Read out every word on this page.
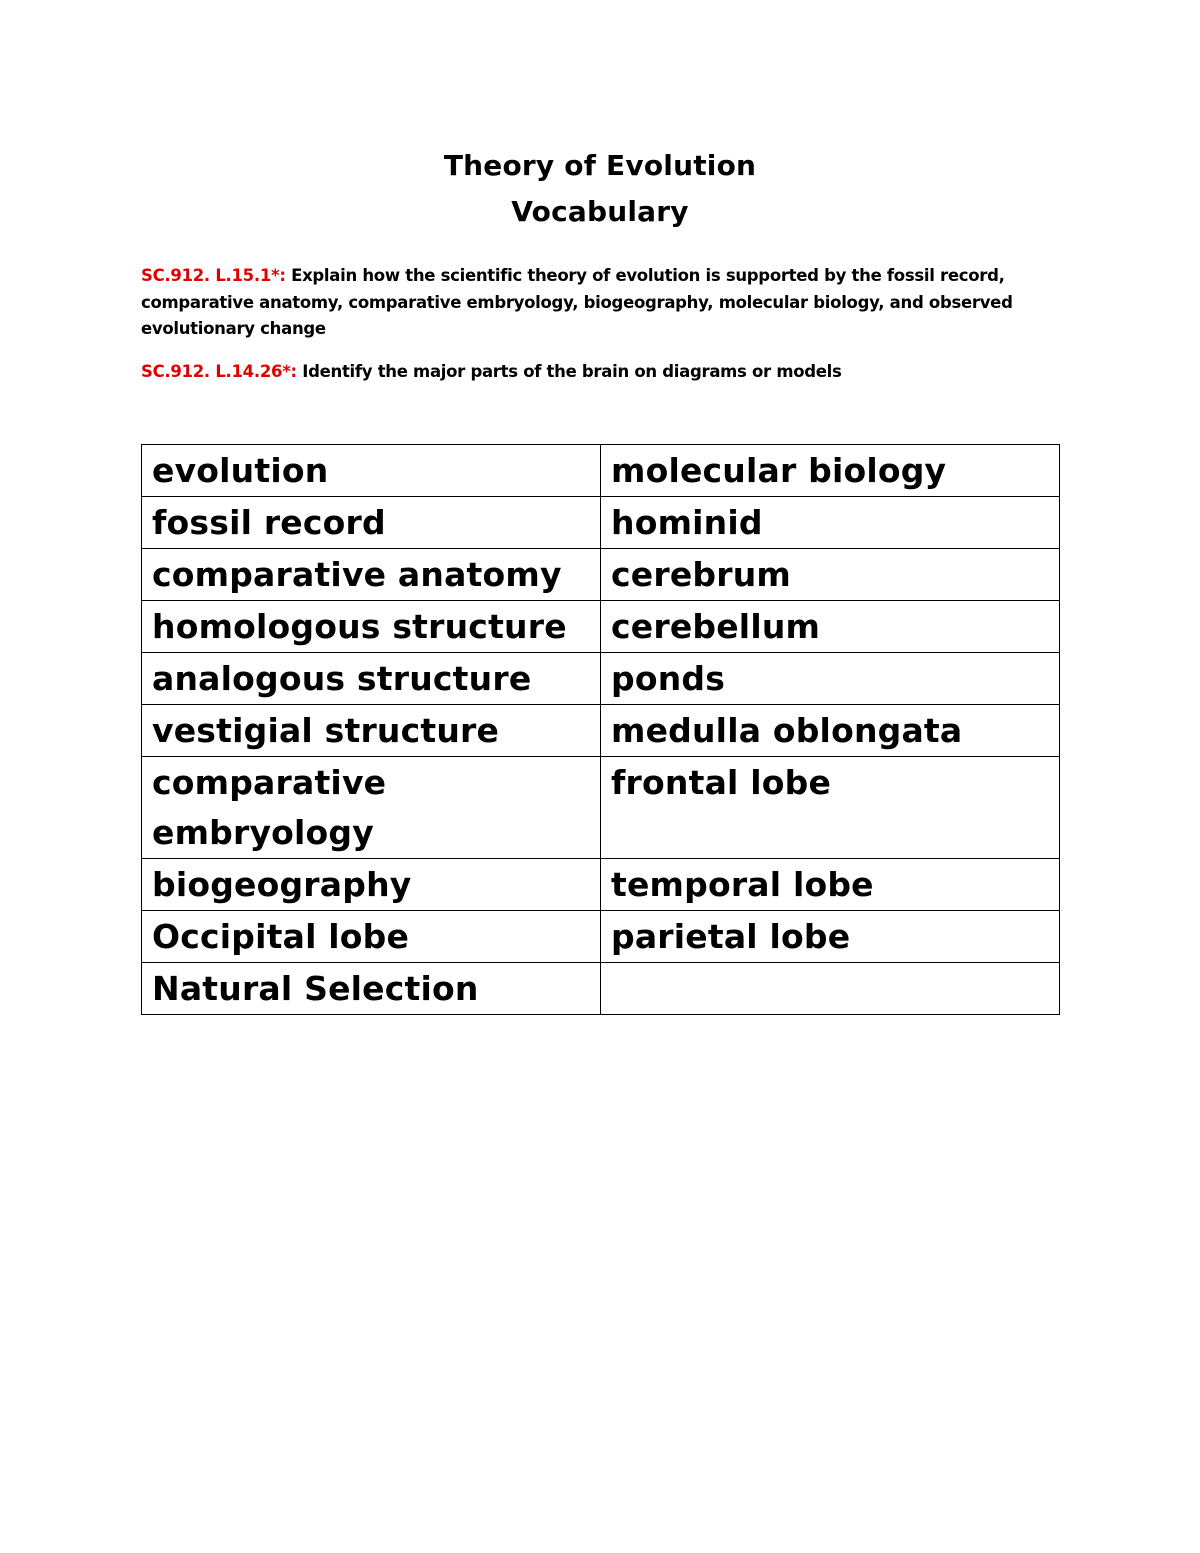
Theory of Evolution
Vocabulary

SC.912. L.15.1*: Explain how the scientific theory of evolution is supported by the fossil record, comparative anatomy, comparative embryology, biogeography, molecular biology, and observed evolutionary change

SC.912. L.14.26*: Identify the major parts of the brain on diagrams or models

evolution	molecular biology
fossil record	hominid
comparative anatomy	cerebrum
homologous structure	cerebellum
analogous structure	ponds
vestigial structure	medulla oblongata
comparative embryology	frontal lobe
biogeography	temporal lobe
Occipital lobe	parietal lobe
Natural Selection	
